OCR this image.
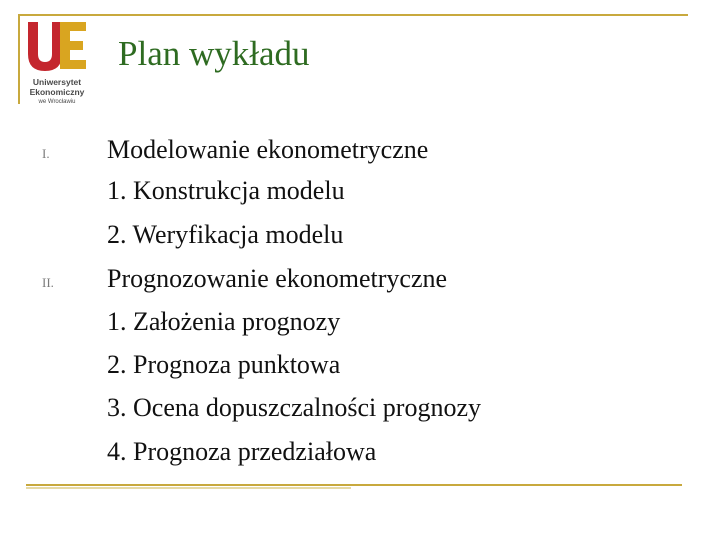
Uniwersytet
Ekonomiczny
we Wrocławiu
Plan wykładu
I. Modelowanie ekonometryczne
1. Konstrukcja modelu
2. Weryfikacja modelu
II. Prognozowanie ekonometryczne
1. Założenia prognozy
2. Prognoza punktowa
3. Ocena dopuszczalności prognozy
4. Prognoza przedziałowa
